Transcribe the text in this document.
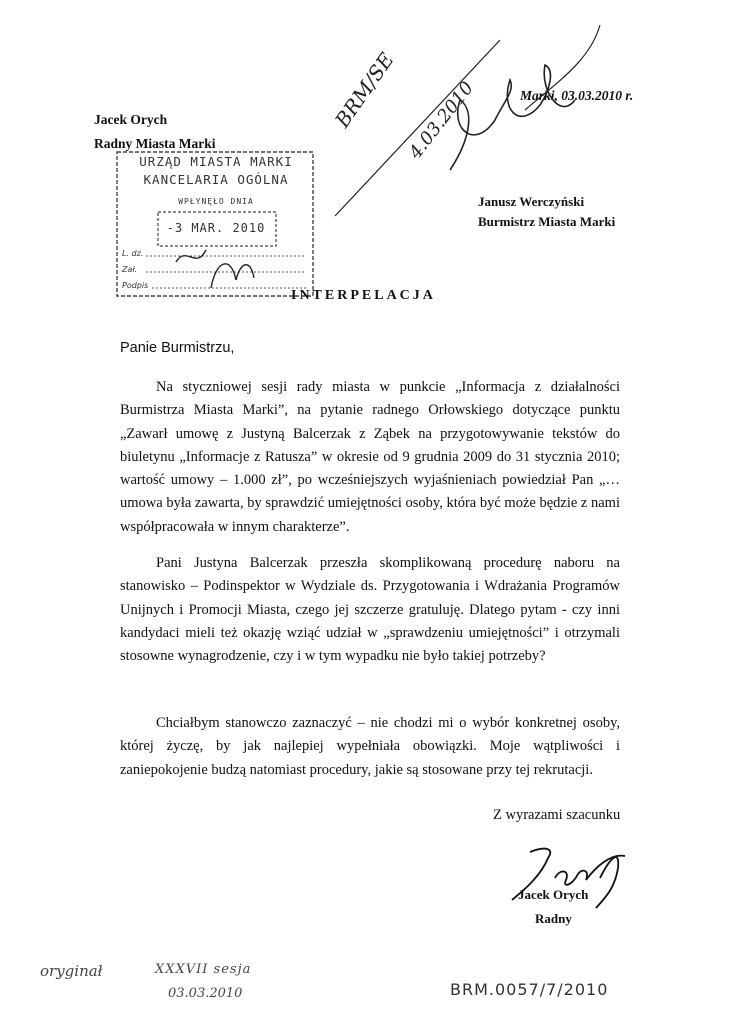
Jacek Orych
Radny Miasta Marki
Marki, 03.03.2010 r.
BRM/SE 4.03.2010
Janusz Werczyński
Burmistrz Miasta Marki
URZĄD MIASTA MARKI
KANCELARIA OGÓLNA
WPŁYNĘŁO DNIA
-3 MAR. 2010
L. dz.
Zał.
Podpis
INTERPELACJA
Panie Burmistrzu,
Na styczniowej sesji rady miasta w punkcie „Informacja z działalności Burmistrza Miasta Marki”, na pytanie radnego Orłowskiego dotyczące punktu „Zawarł umowę z Justyną Balcerzak z Ząbek na przygotowywanie tekstów do biuletynu „Informacje z Ratusza” w okresie od 9 grudnia 2009 do 31 stycznia 2010; wartość umowy – 1.000 zł”, po wcześniejszych wyjaśnieniach powiedział Pan „…umowa była zawarta, by sprawdzić umiejętności osoby, która być może będzie z nami współpracowała w innym charakterze”.
Pani Justyna Balcerzak przeszła skomplikowaną procedurę naboru na stanowisko – Podinspektor w Wydziale ds. Przygotowania i Wdrażania Programów Unijnych i Promocji Miasta, czego jej szczerze gratuluję. Dlatego pytam - czy inni kandydaci mieli też okazję wziąć udział w „sprawdzeniu umiejętności” i otrzymali stosowne wynagrodzenie, czy i w tym wypadku nie było takiej potrzeby?
Chciałbym stanowczo zaznaczyć – nie chodzi mi o wybór konkretnej osoby, której życzę, by jak najlepiej wypełniała obowiązki. Moje wątpliwości i zaniepokojenie budzą natomiast procedury, jakie są stosowane przy tej rekrutacji.
Z wyrazami szacunku
Jacek Orych
Radny
oryginał	XXXVII sesja
03.03.2010	BRM.0057/7/2010
